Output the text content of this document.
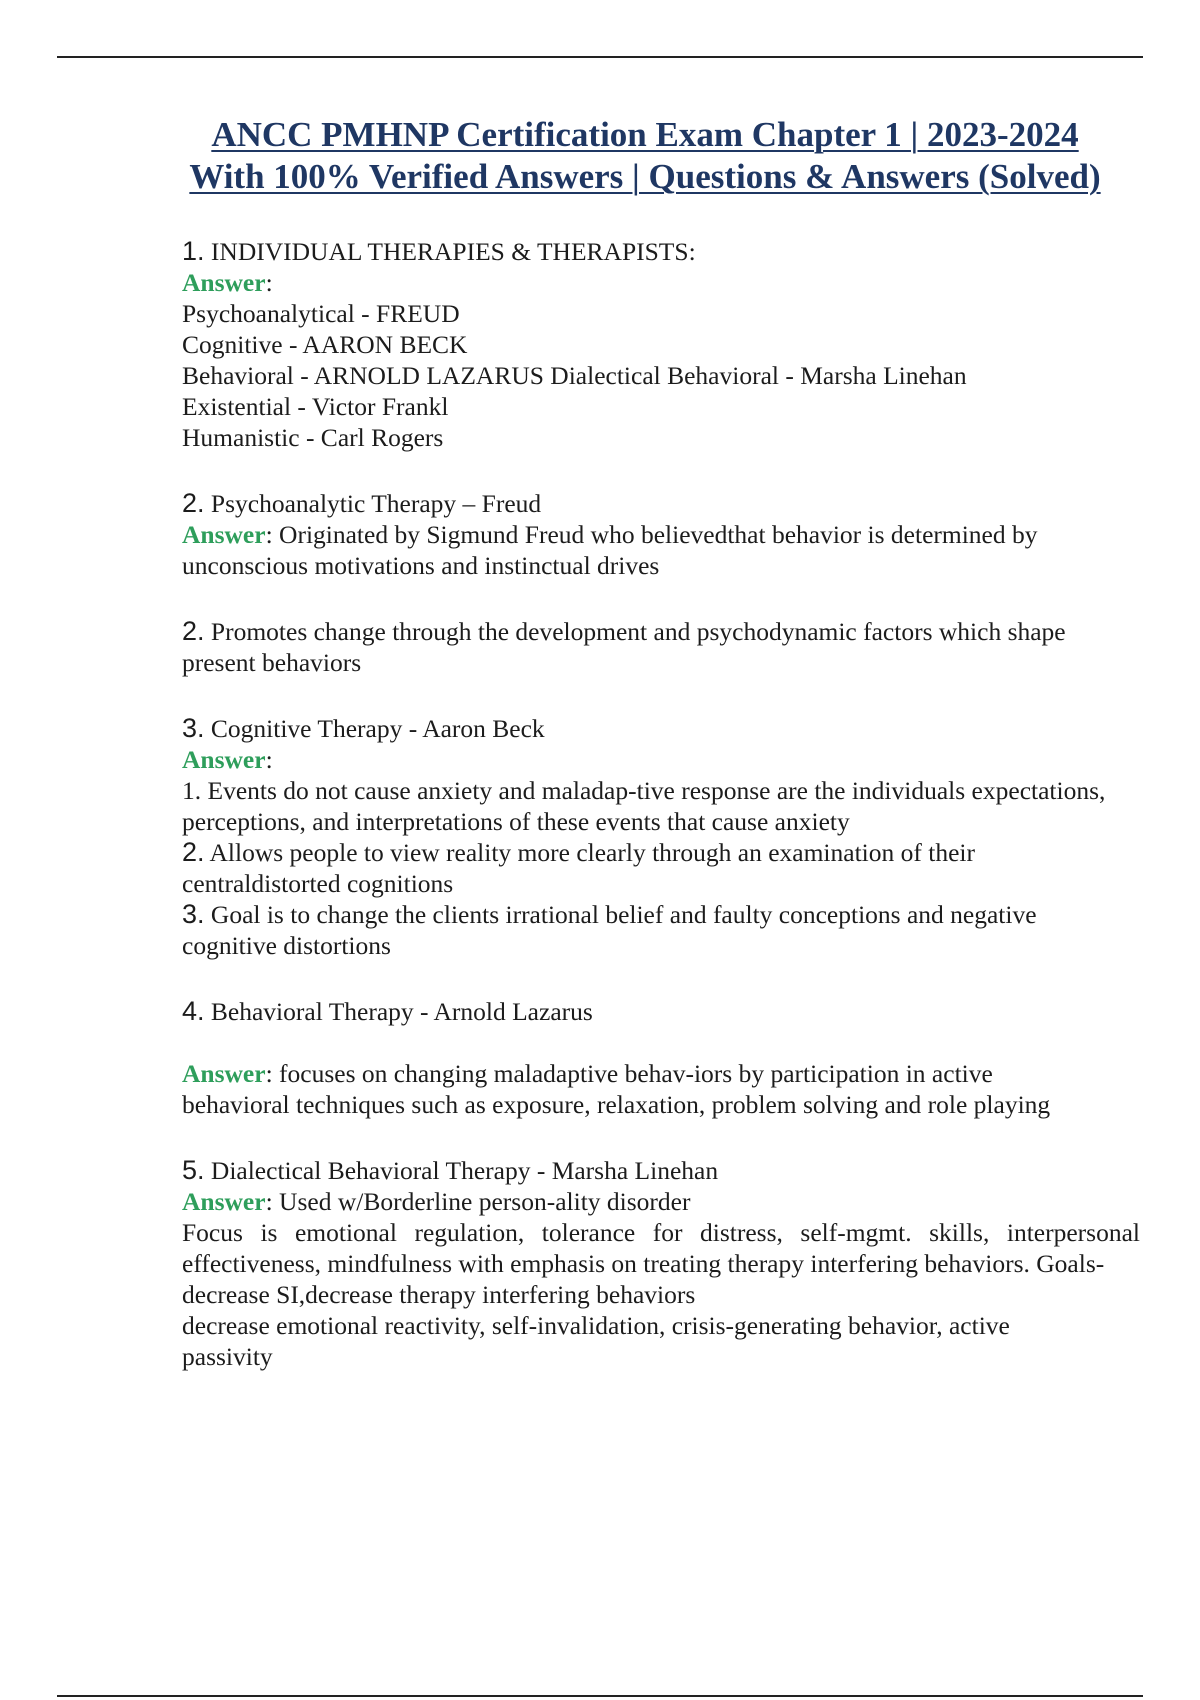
ANCC PMHNP Certification Exam Chapter 1 | 2023-2024
With 100% Verified Answers | Questions & Answers (Solved)
1. INDIVIDUAL THERAPIES & THERAPISTS:
Answer:
Psychoanalytical - FREUD
Cognitive - AARON BECK
Behavioral - ARNOLD LAZARUS Dialectical Behavioral - Marsha Linehan
Existential - Victor Frankl
Humanistic - Carl Rogers
2. Psychoanalytic Therapy – Freud
Answer: Originated by Sigmund Freud who believedthat behavior is determined by unconscious motivations and instinctual drives
2. Promotes change through the development and psychodynamic factors which shape present behaviors
3. Cognitive Therapy - Aaron Beck
Answer:
1. Events do not cause anxiety and maladap-tive response are the individuals expectations, perceptions, and interpretations of these events that cause anxiety
2. Allows people to view reality more clearly through an examination of their centraldistorted cognitions
3. Goal is to change the clients irrational belief and faulty conceptions and negative cognitive distortions
4. Behavioral Therapy - Arnold Lazarus
Answer: focuses on changing maladaptive behav-iors by participation in active behavioral techniques such as exposure, relaxation, problem solving and role playing
5. Dialectical Behavioral Therapy - Marsha Linehan
Answer: Used w/Borderline person-ality disorder
Focus is emotional regulation, tolerance for distress, self-mgmt. skills, interpersonal effectiveness, mindfulness with emphasis on treating therapy interfering behaviors. Goals-
decrease SI,decrease therapy interfering behaviors
decrease emotional reactivity, self-invalidation, crisis-generating behavior, active passivity
